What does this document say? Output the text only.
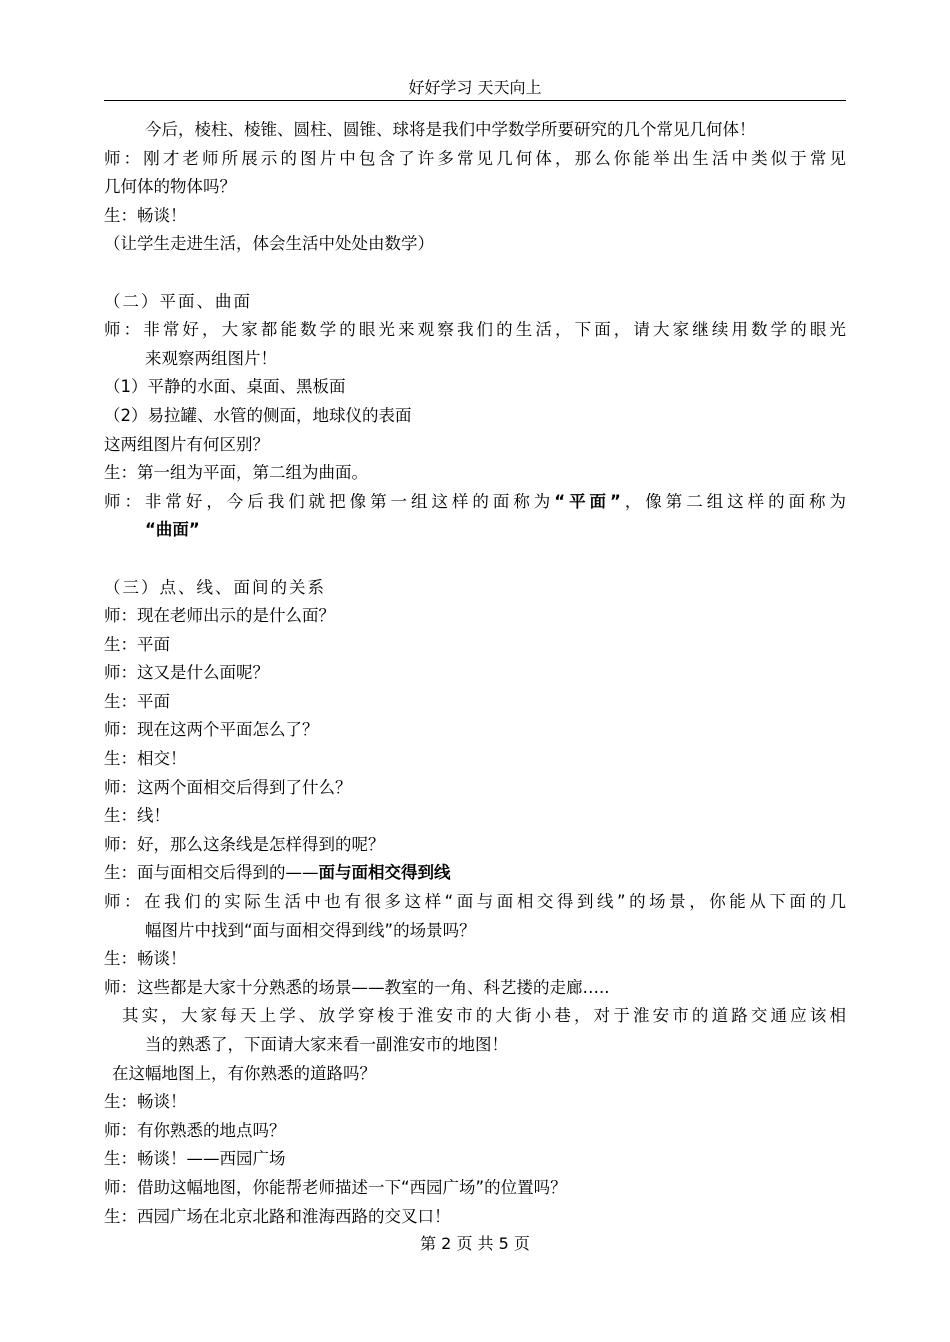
好好学习 天天向上
今后，棱柱、棱锥、圆柱、圆锥、球将是我们中学数学所要研究的几个常见几何体！
师：刚才老师所展示的图片中包含了许多常见几何体，那么你能举出生活中类似于常见
几何体的物体吗？
生：畅谈！
（让学生走进生活，体会生活中处处由数学）
（二）平面、曲面
师：非常好，大家都能数学的眼光来观察我们的生活，下面，请大家继续用数学的眼光
来观察两组图片！
（1）平静的水面、桌面、黑板面
（2）易拉罐、水管的侧面，地球仪的表面
这两组图片有何区别？
生：第一组为平面，第二组为曲面。
师：非常好，今后我们就把像第一组这样的面称为“平面”，像第二组这样的面称为
“曲面”
（三）点、线、面间的关系
师：现在老师出示的是什么面？
生：平面
师：这又是什么面呢？
生：平面
师：现在这两个平面怎么了？
生：相交！
师：这两个面相交后得到了什么？
生：线！
师：好，那么这条线是怎样得到的呢？
生：面与面相交后得到的——面与面相交得到线
师：在我们的实际生活中也有很多这样“面与面相交得到线”的场景，你能从下面的几
幅图片中找到“面与面相交得到线”的场景吗？
生：畅谈！
师：这些都是大家十分熟悉的场景——教室的一角、科艺搂的走廊…..
其实，大家每天上学、放学穿梭于淮安市的大街小巷，对于淮安市的道路交通应该相
当的熟悉了，下面请大家来看一副淮安市的地图！
在这幅地图上，有你熟悉的道路吗？
生：畅谈！
师：有你熟悉的地点吗？
生：畅谈！——西园广场
师：借助这幅地图，你能帮老师描述一下“西园广场”的位置吗？
生：西园广场在北京北路和淮海西路的交叉口！
第 2 页 共 5 页
